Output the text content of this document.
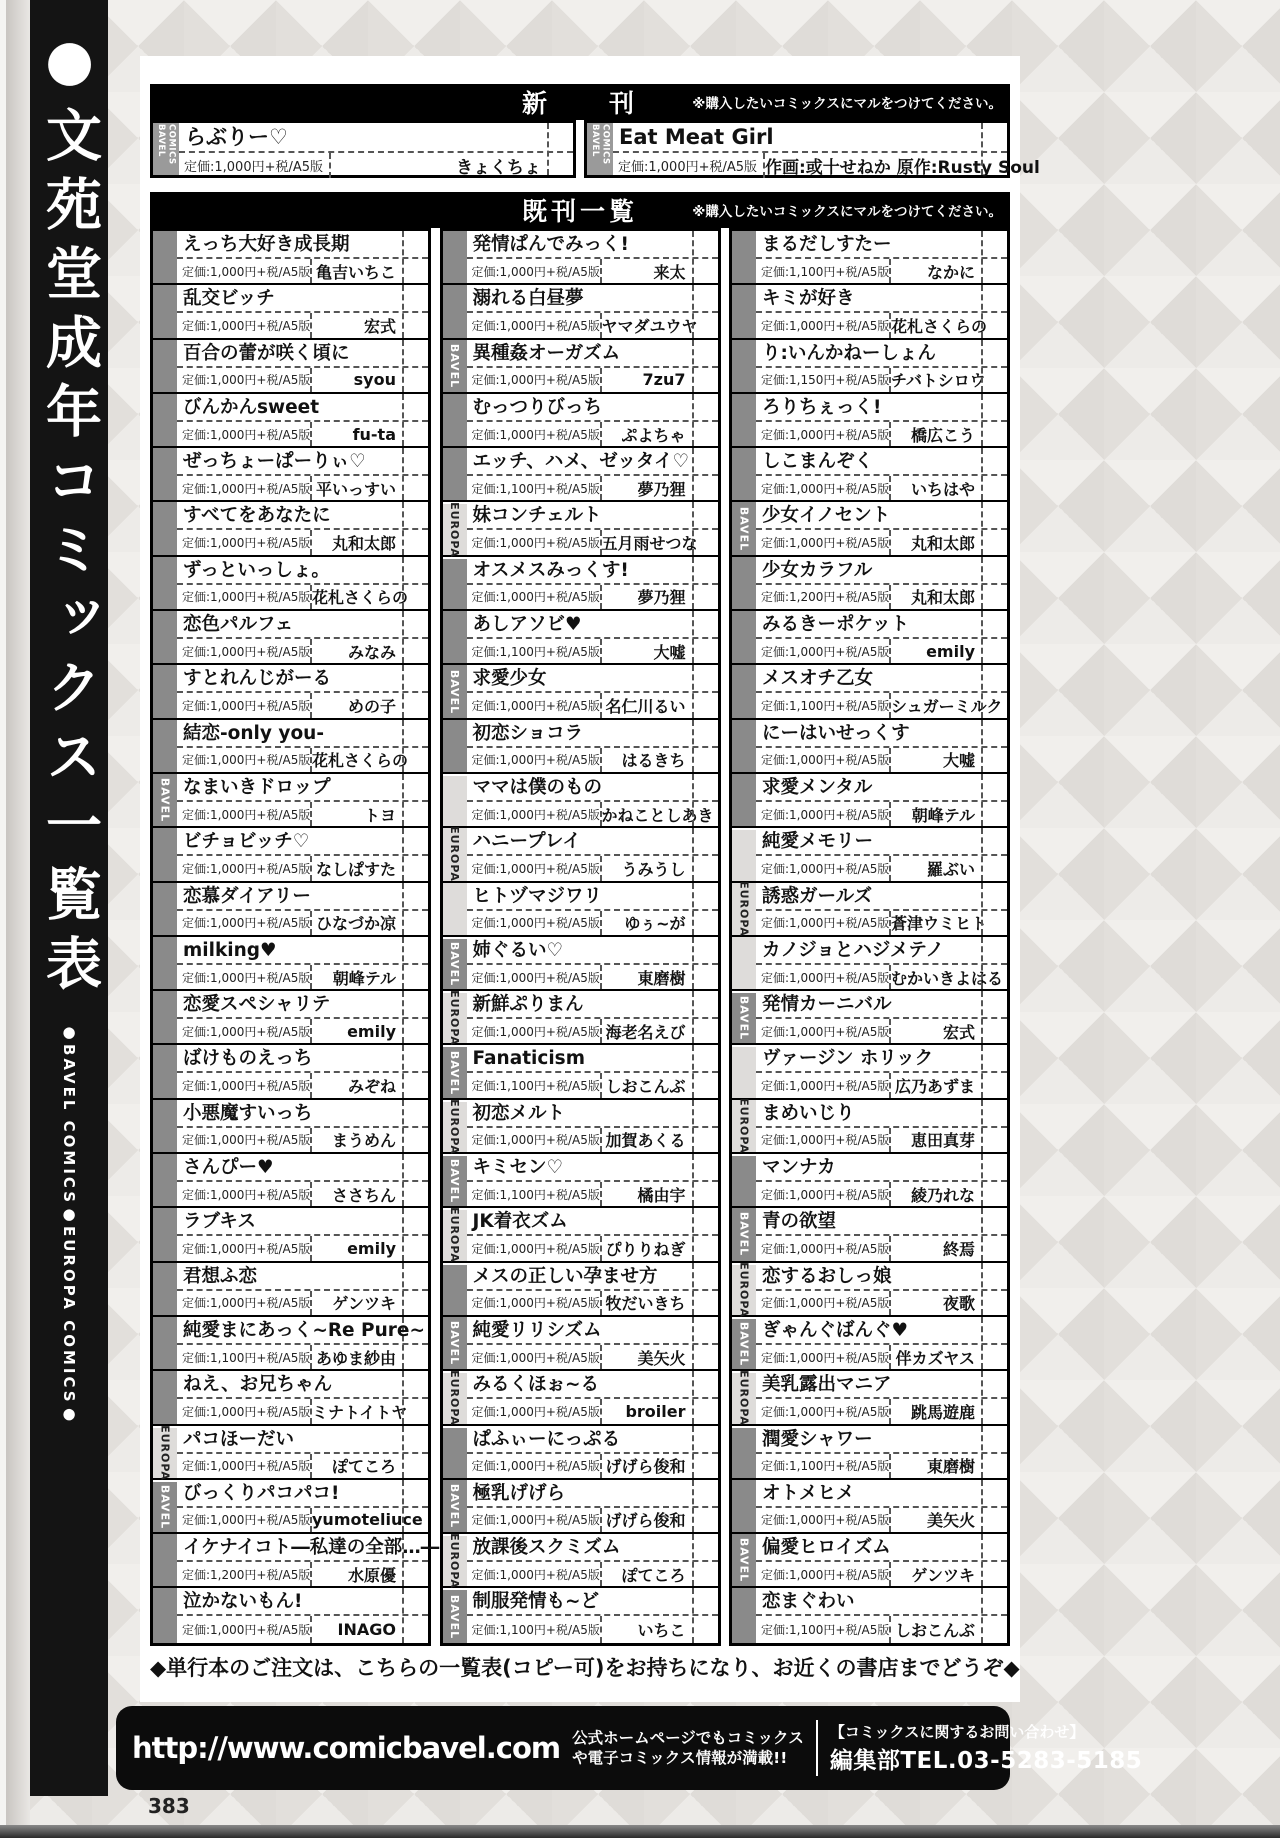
●文苑堂成年コミックス一覧表
●BAVEL COMICS●EUROPA COMICS●
新　　刊	※購入したいコミックスにマルをつけてください。
BAVEL COMICS らぶりー♡
定価:1,000円+税/A5版	きょくちょ
BAVEL COMICS Eat Meat Girl
定価:1,000円+税/A5版 作画:或十せねか 原作:Rusty Soul
既刊一覧	※購入したいコミックスにマルをつけてください。
えっち大好き成長期
定価:1,000円+税/A5版 亀吉いちこ
乱交ビッチ
定価:1,000円+税/A5版	宏式
百合の蕾が咲く頃に
定価:1,000円+税/A5版	syou
びんかんsweet
定価:1,000円+税/A5版	fu-ta
ぜっちょーぱーりぃ♡
定価:1,000円+税/A5版 平いっすい
すべてをあなたに
定価:1,000円+税/A5版	丸和太郎
ずっといっしょ。
定価:1,000円+税/A5版 花札さくらの
恋色パルフェ
定価:1,000円+税/A5版	みなみ
すとれんじがーる
定価:1,000円+税/A5版	めの子
結恋-only you-
定価:1,000円+税/A5版 花札さくらの
BAVEL なまいきドロップ
定価:1,000円+税/A5版	トヨ
ビチョビッチ♡
定価:1,000円+税/A5版 なしぱすた
恋慕ダイアリー
定価:1,000円+税/A5版 ひなづか凉
milking♥
定価:1,000円+税/A5版	朝峰テル
恋愛スペシャリテ
定価:1,000円+税/A5版	emily
ばけものえっち
定価:1,000円+税/A5版	みぞね
小悪魔すいっち
定価:1,000円+税/A5版	まうめん
さんぴー♥
定価:1,000円+税/A5版	ささちん
ラブキス
定価:1,000円+税/A5版	emily
君想ふ恋
定価:1,000円+税/A5版	ゲンツキ
純愛まにあっく~Re Pure~
定価:1,100円+税/A5版 あゆま紗由
ねえ、お兄ちゃん
定価:1,000円+税/A5版 ミナトイトヤ
EUROPA パコほーだい
定価:1,000円+税/A5版	ぽてころ
BAVEL びっくりパコパコ!
定価:1,000円+税/A5版 yumoteliuce
イケナイコト―私達の全部…―
定価:1,200円+税/A5版	水原優
泣かないもん!
定価:1,000円+税/A5版	INAGO
発情ぱんでみっく!
定価:1,000円+税/A5版	来太
溺れる白昼夢
定価:1,000円+税/A5版 ヤマダユウヤ
BAVEL 異種姦オーガズム
定価:1,000円+税/A5版	7zu7
むっつりびっち
定価:1,000円+税/A5版	ぷよちゃ
エッチ、ハメ、ゼッタイ♡
定価:1,100円+税/A5版	夢乃狸
EUROPA 妹コンチェルト
定価:1,000円+税/A5版 五月雨せつな
オスメスみっくす!
定価:1,000円+税/A5版	夢乃狸
あしアソビ♥
定価:1,100円+税/A5版	大嘘
BAVEL 求愛少女
定価:1,000円+税/A5版 名仁川るい
初恋ショコラ
定価:1,000円+税/A5版	はるきち
ママは僕のもの
定価:1,000円+税/A5版 かねことしあき
EUROPA ハニープレイ
定価:1,000円+税/A5版	うみうし
ヒトヅマジワリ
定価:1,000円+税/A5版	ゆぅ~が
BAVEL 姉ぐるい♡
定価:1,000円+税/A5版	東磨樹
EUROPA 新鮮ぷりまん
定価:1,000円+税/A5版 海老名えび
BAVEL Fanaticism
定価:1,100円+税/A5版 しおこんぶ
EUROPA 初恋メルト
定価:1,000円+税/A5版 加賀あくる
BAVEL キミセン♡
定価:1,100円+税/A5版	橘由宇
EUROPA JK着衣ズム
定価:1,000円+税/A5版 ぴりりねぎ
メスの正しい孕ませ方
定価:1,000円+税/A5版 牧だいきち
BAVEL 純愛リリシズム
定価:1,000円+税/A5版	美矢火
EUROPA みるくほぉ~る
定価:1,000円+税/A5版	broiler
ぱふぃーにっぷる
定価:1,000円+税/A5版 げげら俊和
BAVEL 極乳げげら
定価:1,000円+税/A5版 げげら俊和
EUROPA 放課後スクミズム
定価:1,000円+税/A5版	ぽてころ
BAVEL 制服発情も~ど
定価:1,100円+税/A5版	いちこ
まるだしすたー
定価:1,100円+税/A5版	なかに
キミが好き
定価:1,000円+税/A5版 花札さくらの
り:いんかねーしょん
定価:1,150円+税/A5版 チバトシロウ
ろりちぇっく!
定価:1,000円+税/A5版	橋広こう
しこまんぞく
定価:1,000円+税/A5版	いちはや
BAVEL 少女イノセント
定価:1,000円+税/A5版	丸和太郎
少女カラフル
定価:1,200円+税/A5版	丸和太郎
みるきーポケット
定価:1,000円+税/A5版	emily
メスオチ乙女
定価:1,100円+税/A5版 シュガーミルク
にーはいせっくす
定価:1,000円+税/A5版	大嘘
求愛メンタル
定価:1,000円+税/A5版	朝峰テル
純愛メモリー
定価:1,000円+税/A5版	羅ぶい
EUROPA 誘惑ガールズ
定価:1,000円+税/A5版 蒼津ウミヒト
カノジョとハジメテノ
定価:1,000円+税/A5版 むかいきよはる
BAVEL 発情カーニバル
定価:1,000円+税/A5版	宏式
ヴァージン ホリック
定価:1,000円+税/A5版 広乃あずま
EUROPA まめいじり
定価:1,000円+税/A5版	恵田真芽
マンナカ
定価:1,000円+税/A5版	綾乃れな
BAVEL 青の欲望
定価:1,000円+税/A5版	終焉
EUROPA 恋するおしっ娘
定価:1,000円+税/A5版	夜歌
BAVEL ぎゃんぐばんぐ♥
定価:1,000円+税/A5版 伴カズヤス
EUROPA 美乳露出マニア
定価:1,000円+税/A5版	跳馬遊鹿
潤愛シャワー
定価:1,100円+税/A5版	東磨樹
オトメヒメ
定価:1,000円+税/A5版	美矢火
BAVEL 偏愛ヒロイズム
定価:1,000円+税/A5版	ゲンツキ
恋まぐわい
定価:1,100円+税/A5版 しおこんぶ
◆単行本のご注文は、こちらの一覧表(コピー可)をお持ちになり、お近くの書店までどうぞ◆
http://www.comicbavel.com 公式ホームページでもコミックス
や電子コミックス情報が満載!!
【コミックスに関するお問い合わせ】
編集部TEL.03-5283-5185
383
